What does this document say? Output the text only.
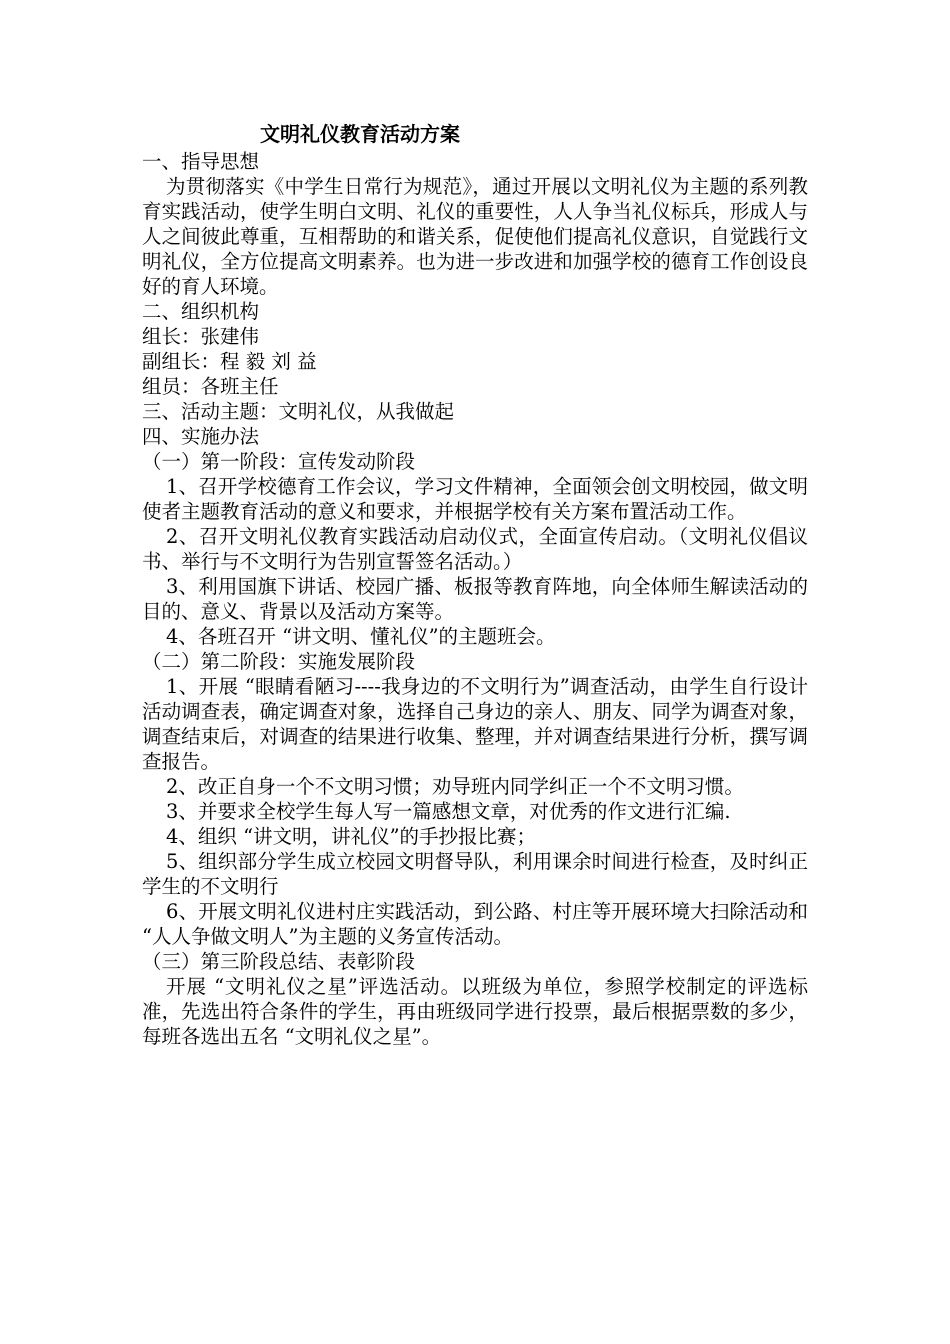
文明礼仪教育活动方案

一、指导思想

为贯彻落实《中学生日常行为规范》，通过开展以文明礼仪为主题的系列教育实践活动，使学生明白文明、礼仪的重要性，人人争当礼仪标兵，形成人与人之间彼此尊重，互相帮助的和谐关系，促使他们提高礼仪意识，自觉践行文明礼仪，全方位提高文明素养。也为进一步改进和加强学校的德育工作创设良好的育人环境。

二、组织机构

组长：张建伟

副组长：程 毅 刘 益

组员：各班主任

三、活动主题：文明礼仪，从我做起

四、实施办法

（一）第一阶段：宣传发动阶段

1、召开学校德育工作会议，学习文件精神，全面领会创文明校园，做文明使者主题教育活动的意义和要求，并根据学校有关方案布置活动工作。

2、召开文明礼仪教育实践活动启动仪式，全面宣传启动。（文明礼仪倡议书、举行与不文明行为告别宣誓签名活动。）

3、利用国旗下讲话、校园广播、板报等教育阵地，向全体师生解读活动的目的、意义、背景以及活动方案等。

4、各班召开 “讲文明、懂礼仪”的主题班会。

（二）第二阶段：实施发展阶段

1、开展 “眼睛看陋习----我身边的不文明行为”调查活动，由学生自行设计活动调查表，确定调查对象，选择自己身边的亲人、朋友、同学为调查对象，调查结束后，对调查的结果进行收集、整理，并对调查结果进行分析，撰写调查报告。

2、改正自身一个不文明习惯；劝导班内同学纠正一个不文明习惯。

3、并要求全校学生每人写一篇感想文章，对优秀的作文进行汇编.

4、组织 “讲文明，讲礼仪”的手抄报比赛；

5、组织部分学生成立校园文明督导队，利用课余时间进行检查，及时纠正学生的不文明行

6、开展文明礼仪进村庄实践活动，到公路、村庄等开展环境大扫除活动和 “人人争做文明人”为主题的义务宣传活动。

（三）第三阶段总结、表彰阶段

开展 “文明礼仪之星”评选活动。以班级为单位，参照学校制定的评选标准，先选出符合条件的学生，再由班级同学进行投票，最后根据票数的多少，每班各选出五名 “文明礼仪之星”。
